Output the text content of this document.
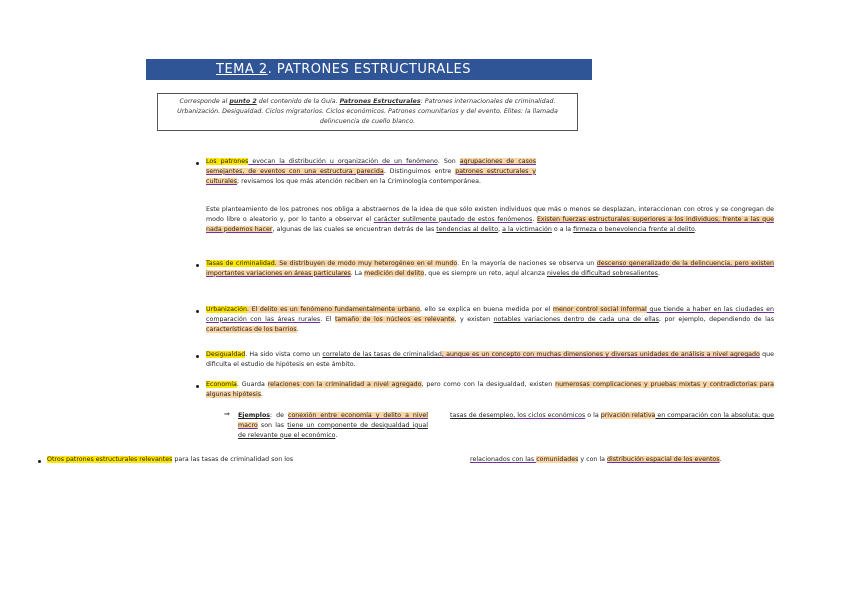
TEMA 2 . PATRONES ESTRUCTURALES
Corresponde al punto 2 del contenido de la Guía. Patrones Estructurales: Patrones internacionales de criminalidad. Urbanización. Desigualdad. Ciclos migratorios. Ciclos económicos. Patrones comunitarios y del evento. Elites: la llamada delincuencia de cuello blanco.
Los patrones evocan la distribución u organización de un fenómeno. Son agrupaciones de casos semejantes, de eventos con una estructura parecida. Distinguimos entre patrones estructurales y culturales; revisamos los que más atención reciben en la Criminología contemporánea.
Este planteamiento de los patrones nos obliga a abstraernos de la idea de que sólo existen individuos que más o menos se desplazan, interaccionan con otros y se congregan de modo libre o aleatorio y, por lo tanto a observar el carácter sutilmente pautado de estos fenómenos. Existen fuerzas estructurales superiores a los individuos, frente a las que nada podemos hacer, algunas de las cuales se encuentran detrás de las tendencias al delito, a la victimación o a la firmeza o benevolencia frente al delito.
Tasas de criminalidad. Se distribuyen de modo muy heterogéneo en el mundo. En la mayoría de naciones se observa un descenso generalizado de la delincuencia, pero existen importantes variaciones en áreas particulares. La medición del delito, que es siempre un reto, aquí alcanza niveles de dificultad sobresalientes.
Urbanización. El delito es un fenómeno fundamentalmente urbano, ello se explica en buena medida por el menor control social informal que tiende a haber en las ciudades en comparación con las áreas rurales. El tamaño de los núcleos es relevante, y existen notables variaciones dentro de cada una de ellas, por ejemplo, dependiendo de las características de los barrios.
Desigualdad. Ha sido vista como un correlato de las tasas de criminalidad, aunque es un concepto con muchas dimensiones y diversas unidades de análisis a nivel agregado que dificulta el estudio de hipótesis en este ámbito.
Economía. Guarda relaciones con la criminalidad a nivel agregado, pero como con la desigualdad, existen numerosas complicaciones y pruebas mixtas y contradictorias para algunas hipótesis.
⇒ Ejemplos: de conexión entre economía y delito a nivel macro son las tiene un componente de desigualdad igual de relevante que el económico.
tasas de desempleo, los ciclos económicos o la privación relativa en comparación con la absoluta; que
Otros patrones estructurales relevantes para las tasas de criminalidad son los	relacionados con las comunidades y con la distribución espacial de los eventos.
